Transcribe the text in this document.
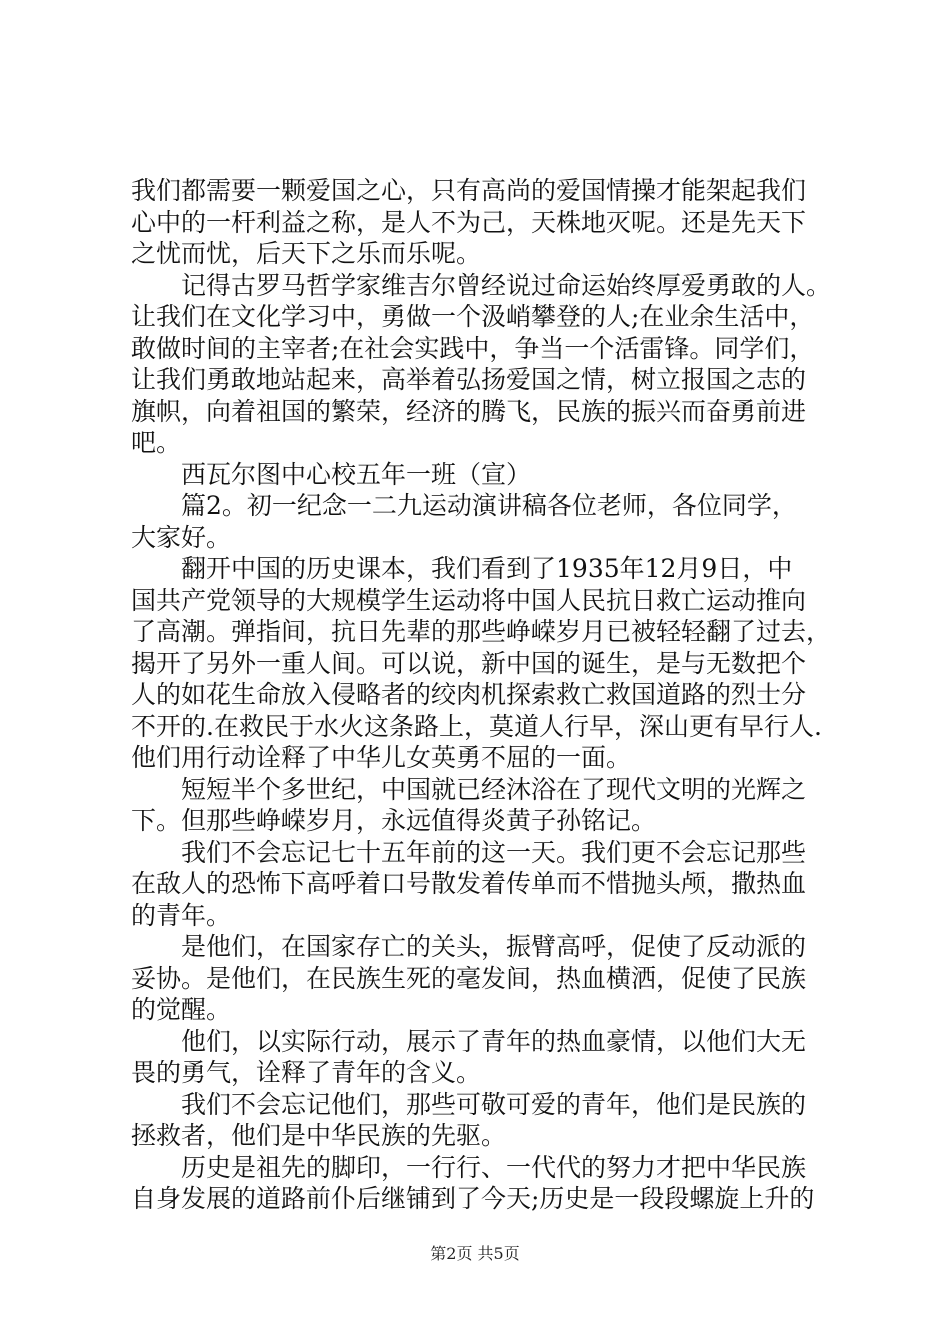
我们都需要一颗爱国之心，只有高尚的爱国情操才能架起我们
心中的一杆利益之称，是人不为己，天株地灭呢。还是先天下
之忧而忧，后天下之乐而乐呢。
　　记得古罗马哲学家维吉尔曾经说过命运始终厚爱勇敢的人。
让我们在文化学习中，勇做一个汲峭攀登的人;在业余生活中，
敢做时间的主宰者;在社会实践中，争当一个活雷锋。同学们，
让我们勇敢地站起来，高举着弘扬爱国之情，树立报国之志的
旗帜，向着祖国的繁荣，经济的腾飞，民族的振兴而奋勇前进
吧。
　　西瓦尔图中心校五年一班（宣）
　　篇2。初一纪念一二九运动演讲稿各位老师，各位同学，
大家好。
　　翻开中国的历史课本，我们看到了1935年12月9日，中
国共产党领导的大规模学生运动将中国人民抗日救亡运动推向
了高潮。弹指间，抗日先辈的那些峥嵘岁月已被轻轻翻了过去，
揭开了另外一重人间。可以说，新中国的诞生，是与无数把个
人的如花生命放入侵略者的绞肉机探索救亡救国道路的烈士分
不开的.在救民于水火这条路上，莫道人行早，深山更有早行人.
他们用行动诠释了中华儿女英勇不屈的一面。
　　短短半个多世纪，中国就已经沐浴在了现代文明的光辉之
下。但那些峥嵘岁月，永远值得炎黄子孙铭记。
　　我们不会忘记七十五年前的这一天。我们更不会忘记那些
在敌人的恐怖下高呼着口号散发着传单而不惜抛头颅，撒热血
的青年。
　　是他们，在国家存亡的关头，振臂高呼，促使了反动派的
妥协。是他们，在民族生死的毫发间，热血横洒，促使了民族
的觉醒。
　　他们，以实际行动，展示了青年的热血豪情，以他们大无
畏的勇气，诠释了青年的含义。
　　我们不会忘记他们，那些可敬可爱的青年，他们是民族的
拯救者，他们是中华民族的先驱。
　　历史是祖先的脚印，一行行、一代代的努力才把中华民族
自身发展的道路前仆后继铺到了今天;历史是一段段螺旋上升的
第2页 共5页
